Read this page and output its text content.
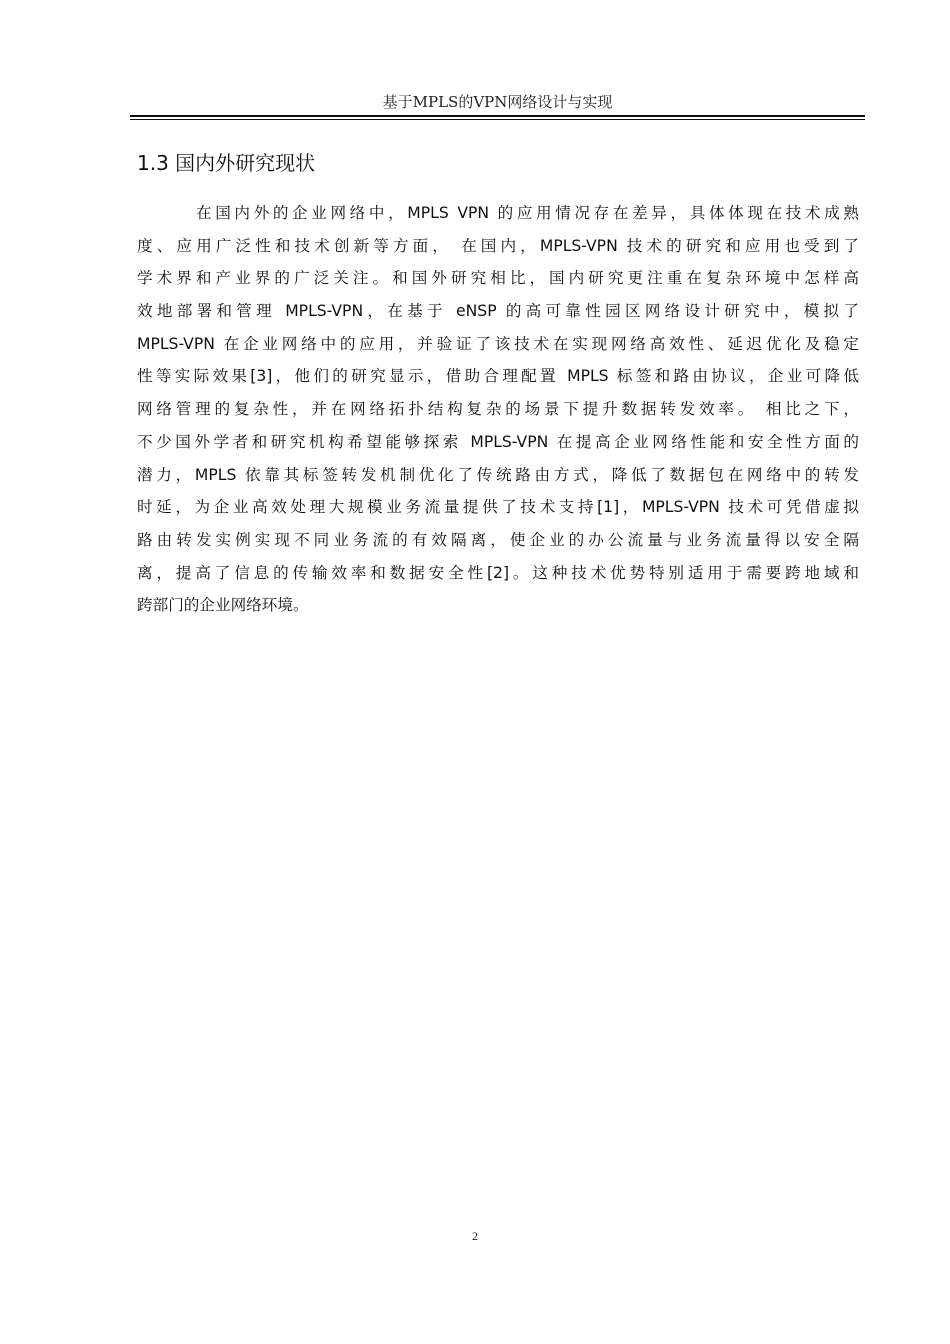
基于MPLS的VPN网络设计与实现
1.3 国内外研究现状
在国内外的企业网络中，MPLS VPN 的应用情况存在差异，具体体现在技术成熟
度、应用广泛性和技术创新等方面， 在国内，MPLS-VPN 技术的研究和应用也受到了
学术界和产业界的广泛关注。和国外研究相比，国内研究更注重在复杂环境中怎样高
效地部署和管理 MPLS-VPN，在基于 eNSP 的高可靠性园区网络设计研究中，模拟了
MPLS-VPN 在企业网络中的应用，并验证了该技术在实现网络高效性、延迟优化及稳定
性等实际效果[3]，他们的研究显示，借助合理配置 MPLS 标签和路由协议，企业可降低
网络管理的复杂性，并在网络拓扑结构复杂的场景下提升数据转发效率。 相比之下，
不少国外学者和研究机构希望能够探索 MPLS-VPN 在提高企业网络性能和安全性方面的
潜力，MPLS 依靠其标签转发机制优化了传统路由方式，降低了数据包在网络中的转发
时延，为企业高效处理大规模业务流量提供了技术支持[1]，MPLS-VPN 技术可凭借虚拟
路由转发实例实现不同业务流的有效隔离，使企业的办公流量与业务流量得以安全隔
离，提高了信息的传输效率和数据安全性[2]。这种技术优势特别适用于需要跨地域和
跨部门的企业网络环境。
2
